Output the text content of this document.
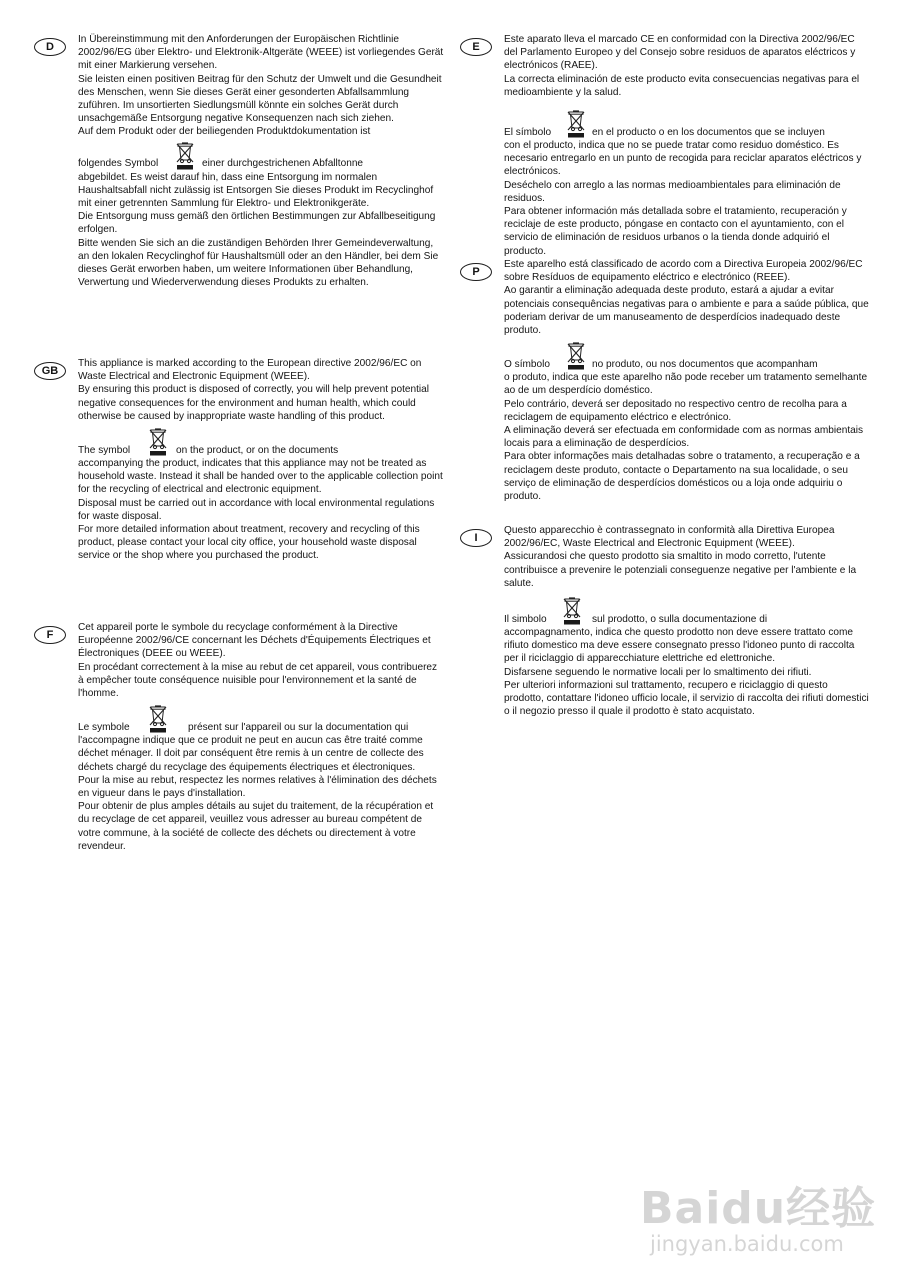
D

In Übereinstimmung mit den Anforderungen der Europäischen Richtlinie 2002/96/EG über Elektro- und Elektronik-Altgeräte (WEEE) ist vorliegendes Gerät mit einer Markierung versehen.

Sie leisten einen positiven Beitrag für den Schutz der Umwelt und die Gesundheit des Menschen, wenn Sie dieses Gerät einer gesonderten Abfallsammlung zuführen. Im unsortierten Siedlungsmüll könnte ein solches Gerät durch unsachgemäße Entsorgung negative Konsequenzen nach sich ziehen.

Auf dem Produkt oder der beiliegenden Produktdokumentation ist

folgendes Symbol	einer durchgestrichenen Abfalltonne

abgebildet. Es weist darauf hin, dass eine Entsorgung im normalen Haushaltsabfall nicht zulässig ist Entsorgen Sie dieses Produkt im Recyclinghof mit einer getrennten Sammlung für Elektro- und Elektronikgeräte.

Die Entsorgung muss gemäß den örtlichen Bestimmungen zur Abfallbeseitigung erfolgen.

Bitte wenden Sie sich an die zuständigen Behörden Ihrer Gemeindeverwaltung, an den lokalen Recyclinghof für Haushaltsmüll oder an den Händler, bei dem Sie dieses Gerät erworben haben, um weitere Informationen über Behandlung, Verwertung und Wiederverwendung dieses Produkts zu erhalten.

GB

This appliance is marked according to the European directive 2002/96/EC on Waste Electrical and Electronic Equipment (WEEE).

By ensuring this product is disposed of correctly, you will help prevent potential negative consequences for the environment and human health, which could otherwise be caused by inappropriate waste handling of this product.

The symbol	on the product, or on the documents

accompanying the product, indicates that this appliance may not be treated as household waste. Instead it shall be handed over to the applicable collection point for the recycling of electrical and electronic equipment.

Disposal must be carried out in accordance with local environmental regulations for waste disposal.

For more detailed information about treatment, recovery and recycling of this product, please contact your local city office, your household waste disposal service or the shop where you purchased the product.

F

Cet appareil porte le symbole du recyclage conformément à la Directive Européenne 2002/96/CE concernant les Déchets d'Équipements Électriques et Électroniques (DEEE ou WEEE).

En procédant correctement à la mise au rebut de cet appareil, vous contribuerez à empêcher toute conséquence nuisible pour l'environnement et la santé de l'homme.

Le symbole	présent sur l'appareil ou sur la documentation qui

l'accompagne indique que ce produit ne peut en aucun cas être traité comme déchet ménager. Il doit par conséquent être remis à un centre de collecte des déchets chargé du recyclage des équipements électriques et électroniques.

Pour la mise au rebut, respectez les normes relatives à l'élimination des déchets en vigueur dans le pays d'installation.

Pour obtenir de plus amples détails au sujet du traitement, de la récupération et du recyclage de cet appareil, veuillez vous adresser au bureau compétent de votre commune, à la société de collecte des déchets ou directement à votre revendeur.

E

Este aparato lleva el marcado CE en conformidad con la Directiva 2002/96/EC del Parlamento Europeo y del Consejo sobre residuos de aparatos eléctricos y electrónicos (RAEE).

La correcta eliminación de este producto evita consecuencias negativas para el medioambiente y la salud.

El símbolo	en el producto o en los documentos que se incluyen

con el producto, indica que no se puede tratar como residuo doméstico. Es necesario entregarlo en un punto de recogida para reciclar aparatos eléctricos y electrónicos.

Deséchelo con arreglo a las normas medioambientales para eliminación de residuos.

Para obtener información más detallada sobre el tratamiento, recuperación y reciclaje de este producto, póngase en contacto con el ayuntamiento, con el servicio de eliminación de residuos urbanos o la tienda donde adquirió el producto.

P

Este aparelho está classificado de acordo com a Directiva Europeia 2002/96/EC sobre Resíduos de equipamento eléctrico e electrónico (REEE).

Ao garantir a eliminação adequada deste produto, estará a ajudar a evitar potenciais consequências negativas para o ambiente e para a saúde pública, que poderiam derivar de um manuseamento de desperdícios inadequado deste produto.

O símbolo	no produto, ou nos documentos que acompanham

o produto, indica que este aparelho não pode receber um tratamento semelhante ao de um desperdício doméstico.

Pelo contrário, deverá ser depositado no respectivo centro de recolha para a reciclagem de equipamento eléctrico e electrónico.

A eliminação deverá ser efectuada em conformidade com as normas ambientais locais para a eliminação de desperdícios.

Para obter informações mais detalhadas sobre o tratamento, a recuperação e a reciclagem deste produto, contacte o Departamento na sua localidade, o seu serviço de eliminação de desperdícios domésticos ou a loja onde adquiriu o produto.

I

Questo apparecchio è contrassegnato in conformità alla Direttiva Europea 2002/96/EC, Waste Electrical and Electronic Equipment (WEEE).

Assicurandosi che questo prodotto sia smaltito in modo corretto, l'utente contribuisce a prevenire le potenziali conseguenze negative per l'ambiente e la salute.

Il simbolo	sul prodotto, o sulla documentazione di

accompagnamento, indica che questo prodotto non deve essere trattato come rifiuto domestico ma deve essere consegnato presso l'idoneo punto di raccolta per il riciclaggio di apparecchiature elettriche ed elettroniche.

Disfarsene seguendo le normative locali per lo smaltimento dei rifiuti.

Per ulteriori informazioni sul trattamento, recupero e riciclaggio di questo prodotto, contattare l'idoneo ufficio locale, il servizio di raccolta dei rifiuti domestici o il negozio presso il quale il prodotto è stato acquistato.

Baidu经验
jingyan.baidu.com
